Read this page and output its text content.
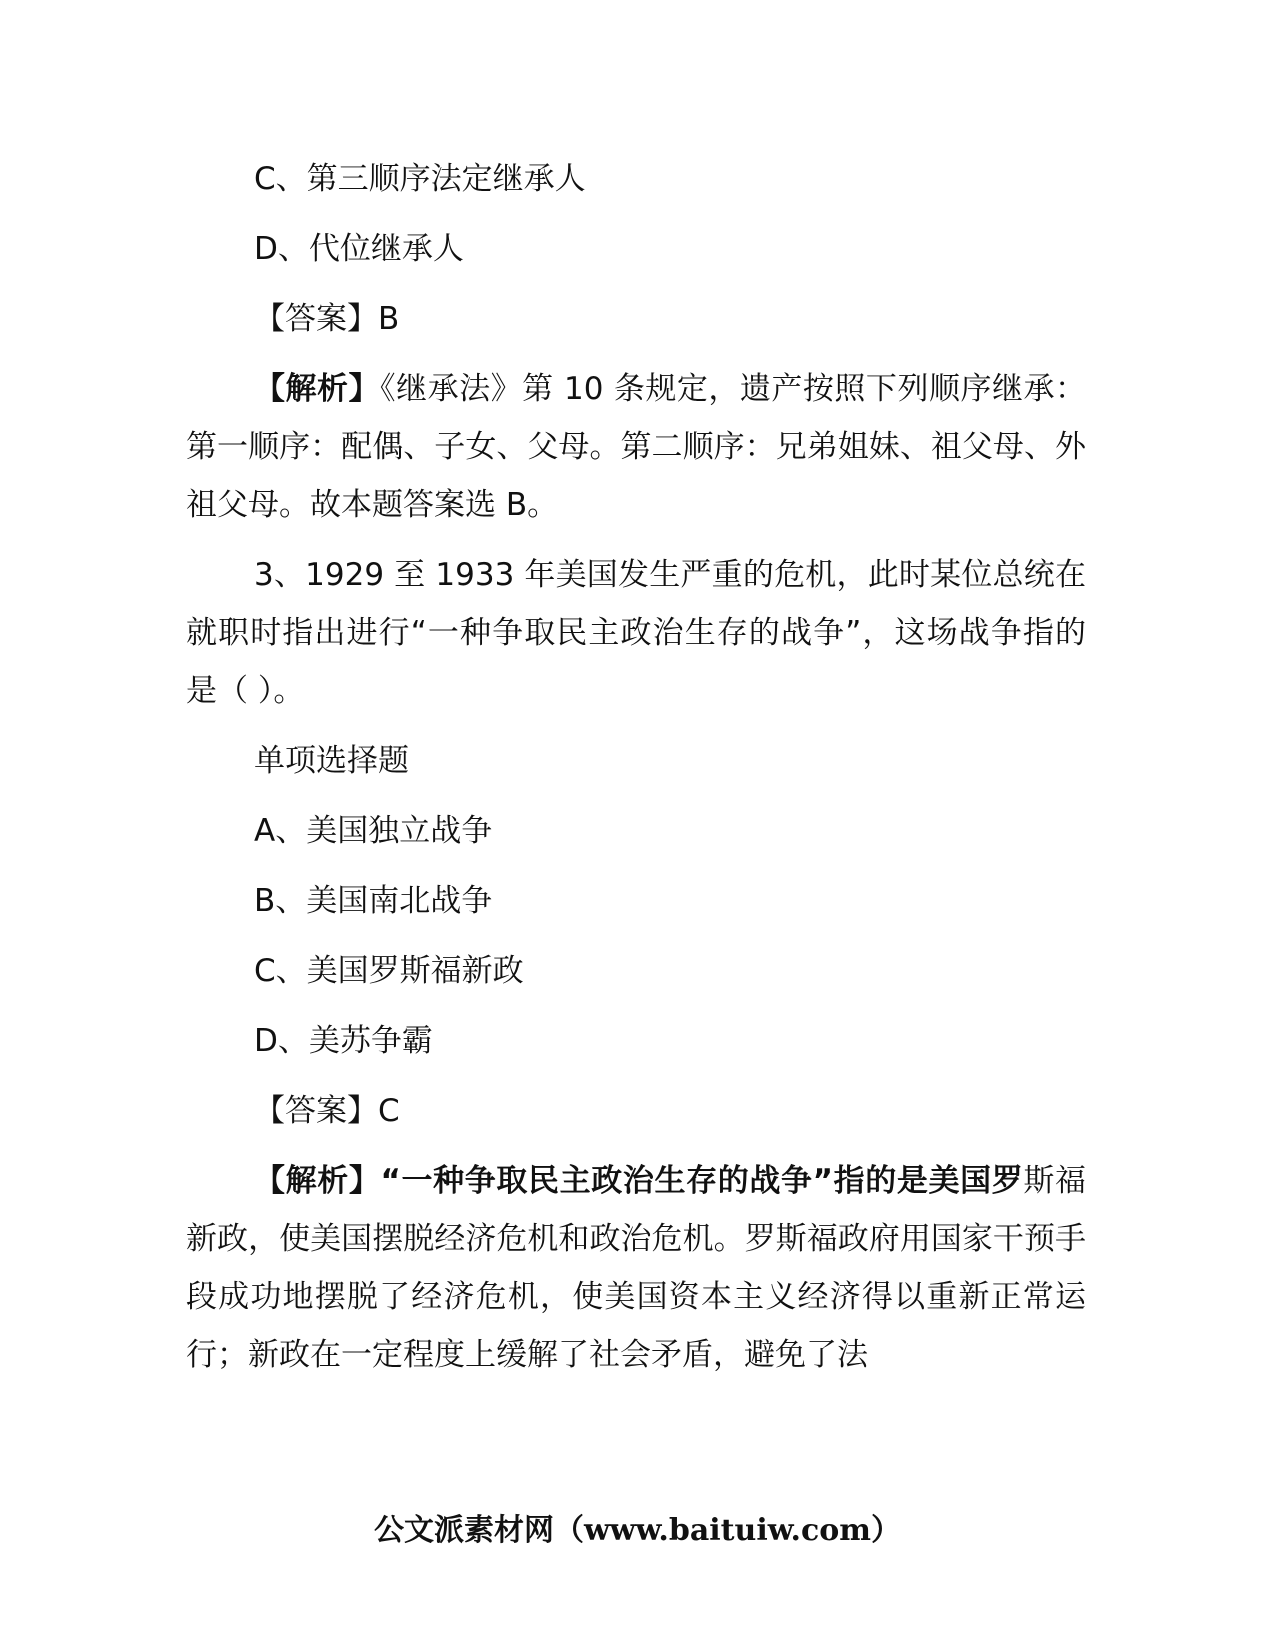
C、第三顺序法定继承人

D、代位继承人

【答案】B

【解析】《继承法》第 10 条规定，遗产按照下列顺序继承：第一顺序：配偶、子女、父母。第二顺序：兄弟姐妹、祖父母、外祖父母。故本题答案选 B。

3、1929 至 1933 年美国发生严重的危机，此时某位总统在就职时指出进行“一种争取民主政治生存的战争”，这场战争指的是（ ）。

单项选择题

A、美国独立战争

B、美国南北战争

C、美国罗斯福新政

D、美苏争霸

【答案】C

【解析】“一种争取民主政治生存的战争”指的是美国罗斯福新政，使美国摆脱经济危机和政治危机。罗斯福政府用国家干预手段成功地摆脱了经济危机，使美国资本主义经济得以重新正常运行；新政在一定程度上缓解了社会矛盾，避免了法

公文派素材网（www.baituiw.com）
